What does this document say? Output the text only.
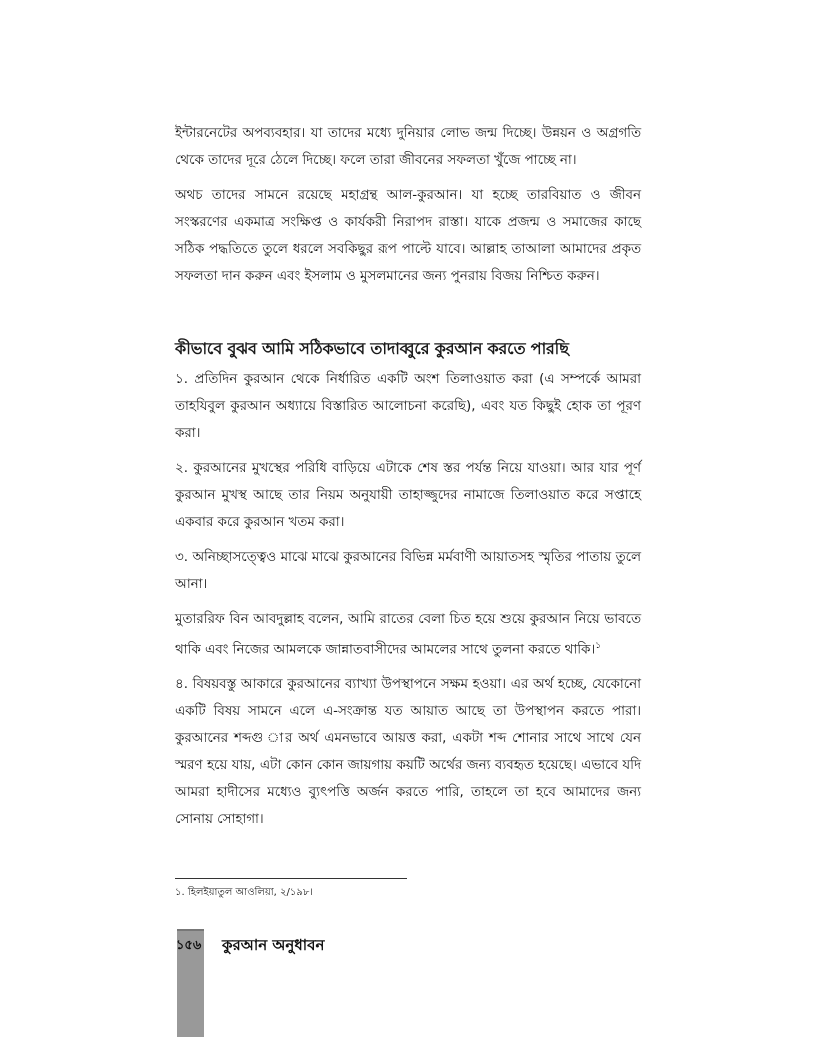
ইন্টারনেটের অপব্যবহার। যা তাদের মধ্যে দুনিয়ার লোভ জন্ম দিচ্ছে। উন্নয়ন ও অগ্রগতি থেকে তাদের দূরে ঠেলে দিচ্ছে। ফলে তারা জীবনের সফলতা খুঁজে পাচ্ছে না।

অথচ তাদের সামনে রয়েছে মহাগ্রন্থ আল-কুরআন। যা হচ্ছে তারবিয়াত ও জীবন সংস্করণের একমাত্র সংক্ষিপ্ত ও কার্যকরী নিরাপদ রাস্তা। যাকে প্রজন্ম ও সমাজের কাছে সঠিক পদ্ধতিতে তুলে ধরলে সবকিছুর রূপ পাল্টে যাবে। আল্লাহ তাআলা আমাদের প্রকৃত সফলতা দান করুন এবং ইসলাম ও মুসলমানের জন্য পুনরায় বিজয় নিশ্চিত করুন।

কীভাবে বুঝব আমি সঠিকভাবে তাদাব্বুরে কুরআন করতে পারছি

১. প্রতিদিন কুরআন থেকে নির্ধারিত একটি অংশ তিলাওয়াত করা (এ সম্পর্কে আমরা তাহযিবুল কুরআন অধ্যায়ে বিস্তারিত আলোচনা করেছি), এবং যত কিছুই হোক তা পূরণ করা।

২. কুরআনের মুখস্থের পরিধি বাড়িয়ে এটাকে শেষ স্তর পর্যন্ত নিয়ে যাওয়া। আর যার পূর্ণ কুরআন মুখস্থ আছে তার নিয়ম অনুযায়ী তাহাজ্জুদের নামাজে তিলাওয়াত করে সপ্তাহে একবার করে কুরআন খতম করা।

৩. অনিচ্ছাসত্ত্বেও মাঝে মাঝে কুরআনের বিভিন্ন মর্মবাণী আয়াতসহ স্মৃতির পাতায় তুলে আনা।

মুতাররিফ বিন আবদুল্লাহ বলেন, আমি রাতের বেলা চিত হয়ে শুয়ে কুরআন নিয়ে ভাবতে থাকি এবং নিজের আমলকে জান্নাতবাসীদের আমলের সাথে তুলনা করতে থাকি।$^১$

৪. বিষয়বস্তু আকারে কুরআনের ব্যাখ্যা উপস্থাপনে সক্ষম হওয়া। এর অর্থ হচ্ছে, যেকোনো একটি বিষয় সামনে এলে এ-সংক্রান্ত যত আয়াত আছে তা উপস্থাপন করতে পারা। কুরআনের শব্দগু ার অর্থ এমনভাবে আয়ত্ত করা, একটা শব্দ শোনার সাথে সাথে যেন স্মরণ হয়ে যায়, এটা কোন কোন জায়গায় কয়টি অর্থের জন্য ব্যবহৃত হয়েছে। এভাবে যদি আমরা হাদীসের মধ্যেও ব্যুৎপত্তি অর্জন করতে পারি, তাহলে তা হবে আমাদের জন্য সোনায় সোহাগা।

১. হিলইয়াতুল আওলিয়া, ২/১৯৮।
১৫৬ কুরআন অনুধাবন
